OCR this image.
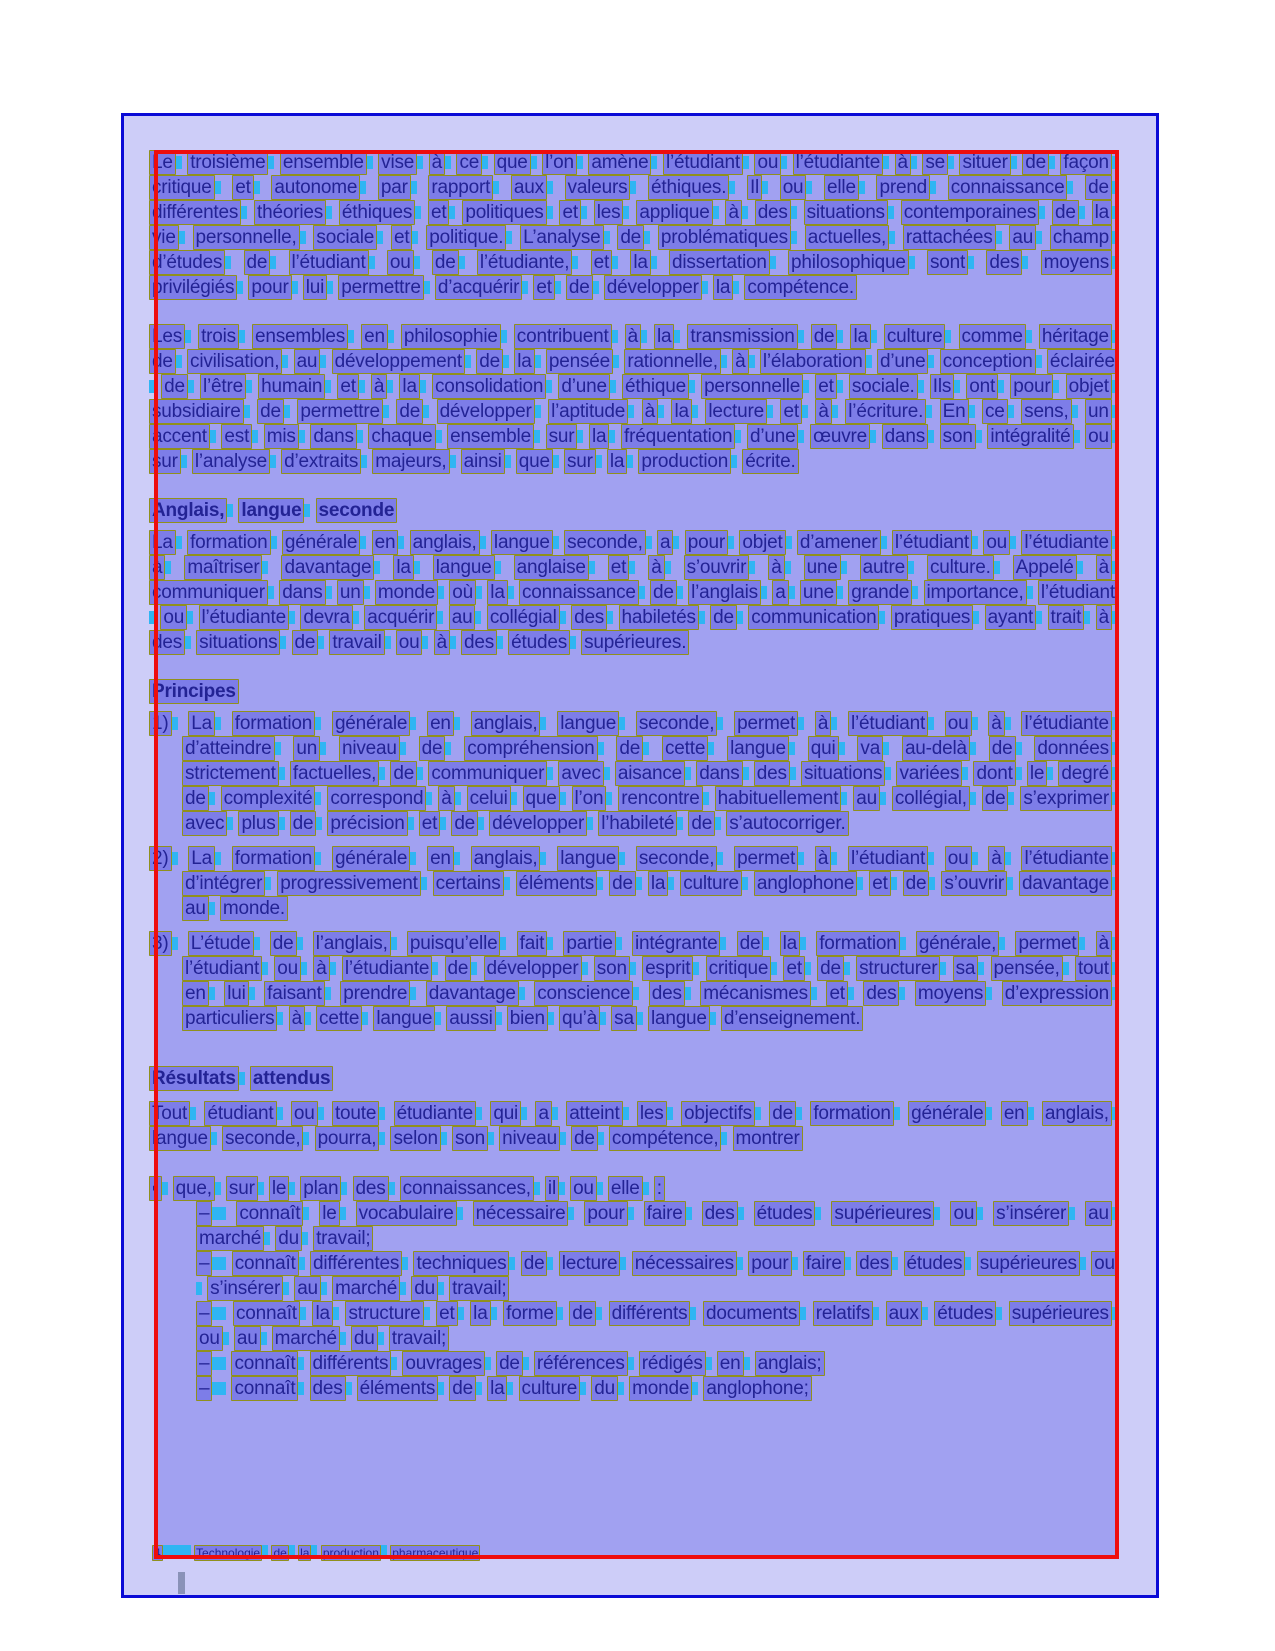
Le troisième ensemble vise à ce que l’on amène l’étudiant ou l’étudiante à se situer de façon critique et autonome par rapport aux valeurs éthiques. Il ou elle prend connaissance de différentes théories éthiques et politiques et les applique à des situations contemporaines de la vie personnelle, sociale et politique. L’analyse de problématiques actuelles, rattachées au champ d’études de l’étudiant ou de l’étudiante, et la dissertation philosophique sont des moyens privilégiés pour lui permettre d’acquérir et de développer la compétence.
Les trois ensembles en philosophie contribuent à la transmission de la culture comme héritage de civilisation, au développement de la pensée rationnelle, à l’élaboration d’une conception éclairée de l’être humain et à la consolidation d’une éthique personnelle et sociale. Ils ont pour objet subsidiaire de permettre de développer l’aptitude à la lecture et à l’écriture. En ce sens, un accent est mis dans chaque ensemble sur la fréquentation d’une œuvre dans son intégralité ou sur l’analyse d’extraits majeurs, ainsi que sur la production écrite.
Anglais, langue seconde
La formation générale en anglais, langue seconde, a pour objet d’amener l’étudiant ou l’étudiante à maîtriser davantage la langue anglaise et à s’ouvrir à une autre culture. Appelé à communiquer dans un monde où la connaissance de l’anglais a une grande importance, l’étudiant ou l’étudiante devra acquérir au collégial des habiletés de communication pratiques ayant trait à des situations de travail ou à des études supérieures.
Principes
1) La formation générale en anglais, langue seconde, permet à l’étudiant ou à l’étudiante d’atteindre un niveau de compréhension de cette langue qui va au-delà de données strictement factuelles, de communiquer avec aisance dans des situations variées dont le degré de complexité correspond à celui que l’on rencontre habituellement au collégial, de s’exprimer avec plus de précision et de développer l’habileté de s’autocorriger.
2) La formation générale en anglais, langue seconde, permet à l’étudiant ou à l’étudiante d’intégrer progressivement certains éléments de la culture anglophone et de s’ouvrir davantage au monde.
3) L’étude de l’anglais, puisqu’elle fait partie intégrante de la formation générale, permet à l’étudiant ou à l’étudiante de développer son esprit critique et de structurer sa pensée, tout en lui faisant prendre davantage conscience des mécanismes et des moyens d’expression particuliers à cette langue aussi bien qu’à sa langue d’enseignement.
Résultats attendus
Tout étudiant ou toute étudiante qui a atteint les objectifs de formation générale en anglais, langue seconde, pourra, selon son niveau de compétence, montrer
▪ que, sur le plan des connaissances, il ou elle :
– connaît le vocabulaire nécessaire pour faire des études supérieures ou s’insérer au marché du travail;
– connaît différentes techniques de lecture nécessaires pour faire des études supérieures ou s’insérer au marché du travail;
– connaît la structure et la forme de différents documents relatifs aux études supérieures ou au marché du travail;
– connaît différents ouvrages de références rédigés en anglais;
– connaît des éléments de la culture du monde anglophone;
4	Technologie de la production pharmaceutique
